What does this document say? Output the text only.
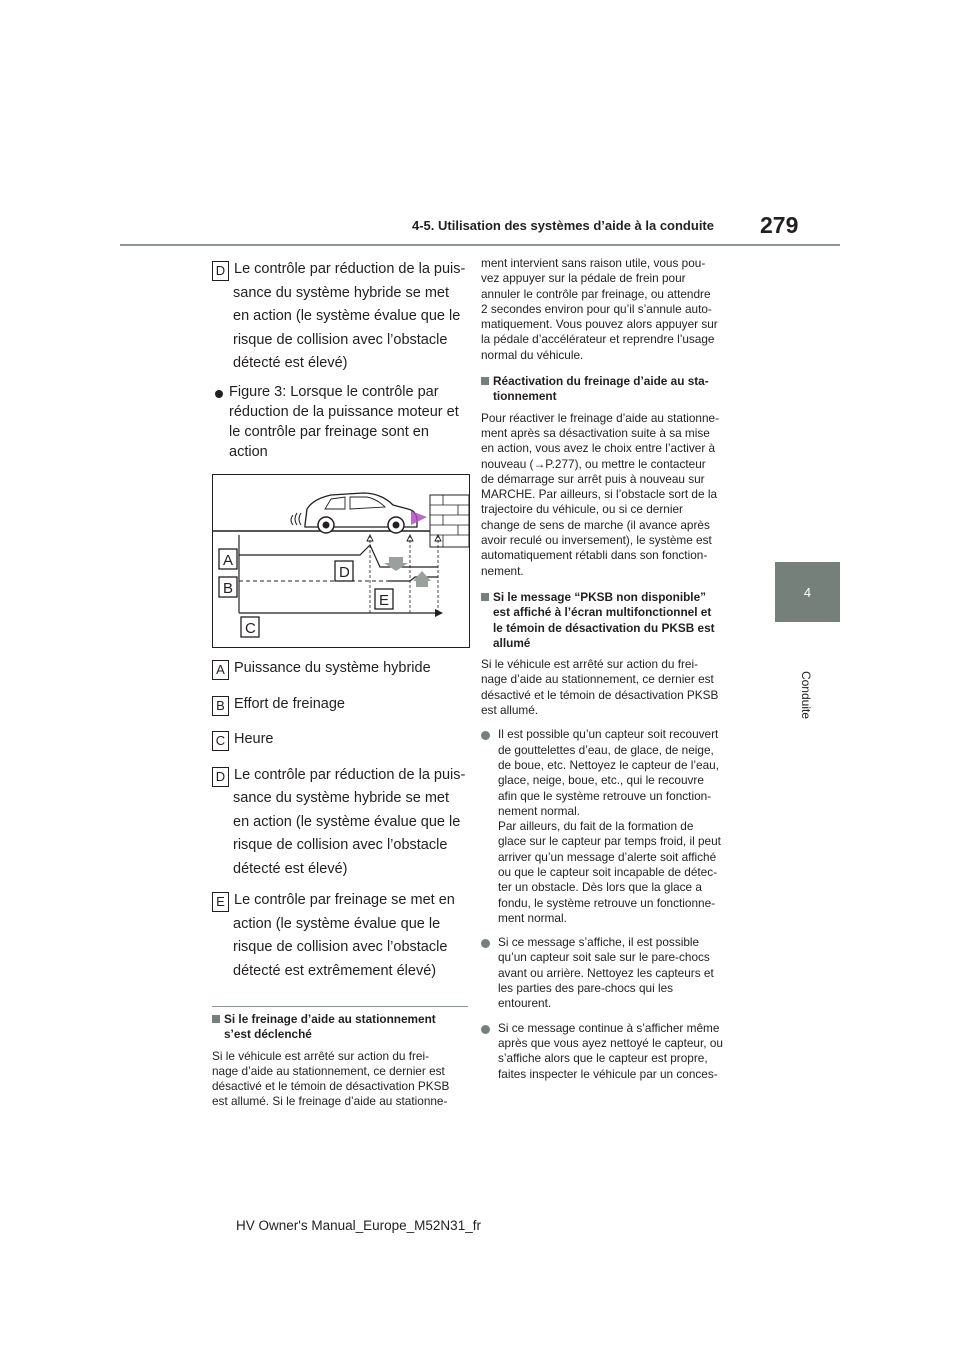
4-5. Utilisation des systèmes d’aide à la conduite 279
4
Conduite

D Le contrôle par réduction de la puis-

sance du système hybride se met

en action (le système évalue que le

risque de collision avec l’obstacle

détecté est élevé)

Figure 3: Lorsque le contrôle par

réduction de la puissance moteur et

le contrôle par freinage sont en

action

A
B
C
D
E

A Puissance du système hybride

B Effort de freinage

C Heure

D Le contrôle par réduction de la puis-

sance du système hybride se met

en action (le système évalue que le

risque de collision avec l’obstacle

détecté est élevé)

E Le contrôle par freinage se met en

action (le système évalue que le

risque de collision avec l’obstacle

détecté est extrêmement élevé)

Si le freinage d’aide au stationnement

s’est déclenché

Si le véhicule est arrêté sur action du frei-

nage d’aide au stationnement, ce dernier est

désactivé et le témoin de désactivation PKSB

est allumé. Si le freinage d’aide au stationne-

ment intervient sans raison utile, vous pou-

vez appuyer sur la pédale de frein pour

annuler le contrôle par freinage, ou attendre

2 secondes environ pour qu’il s’annule auto-

matiquement. Vous pouvez alors appuyer sur

la pédale d’accélérateur et reprendre l’usage

normal du véhicule.

Réactivation du freinage d’aide au sta-

tionnement

Pour réactiver le freinage d’aide au stationne-

ment après sa désactivation suite à sa mise

en action, vous avez le choix entre l’activer à

nouveau (→P.277), ou mettre le contacteur

de démarrage sur arrêt puis à nouveau sur

MARCHE. Par ailleurs, si l’obstacle sort de la

trajectoire du véhicule, ou si ce dernier

change de sens de marche (il avance après

avoir reculé ou inversement), le système est

automatiquement rétabli dans son fonction-

nement.

Si le message “PKSB non disponible”

est affiché à l’écran multifonctionnel et

le témoin de désactivation du PKSB est

allumé

Si le véhicule est arrêté sur action du frei-

nage d’aide au stationnement, ce dernier est

désactivé et le témoin de désactivation PKSB

est allumé.

Il est possible qu’un capteur soit recouvert

de gouttelettes d’eau, de glace, de neige,

de boue, etc. Nettoyez le capteur de l’eau,

glace, neige, boue, etc., qui le recouvre

afin que le système retrouve un fonction-

nement normal.

Par ailleurs, du fait de la formation de

glace sur le capteur par temps froid, il peut

arriver qu’un message d’alerte soit affiché

ou que le capteur soit incapable de détec-

ter un obstacle. Dès lors que la glace a

fondu, le système retrouve un fonctionne-

ment normal.

Si ce message s’affiche, il est possible

qu’un capteur soit sale sur le pare-chocs

avant ou arrière. Nettoyez les capteurs et

les parties des pare-chocs qui les

entourent.

Si ce message continue à s’afficher même

après que vous ayez nettoyé le capteur, ou

s’affiche alors que le capteur est propre,

faites inspecter le véhicule par un conces-

HV Owner's Manual_Europe_M52N31_fr
